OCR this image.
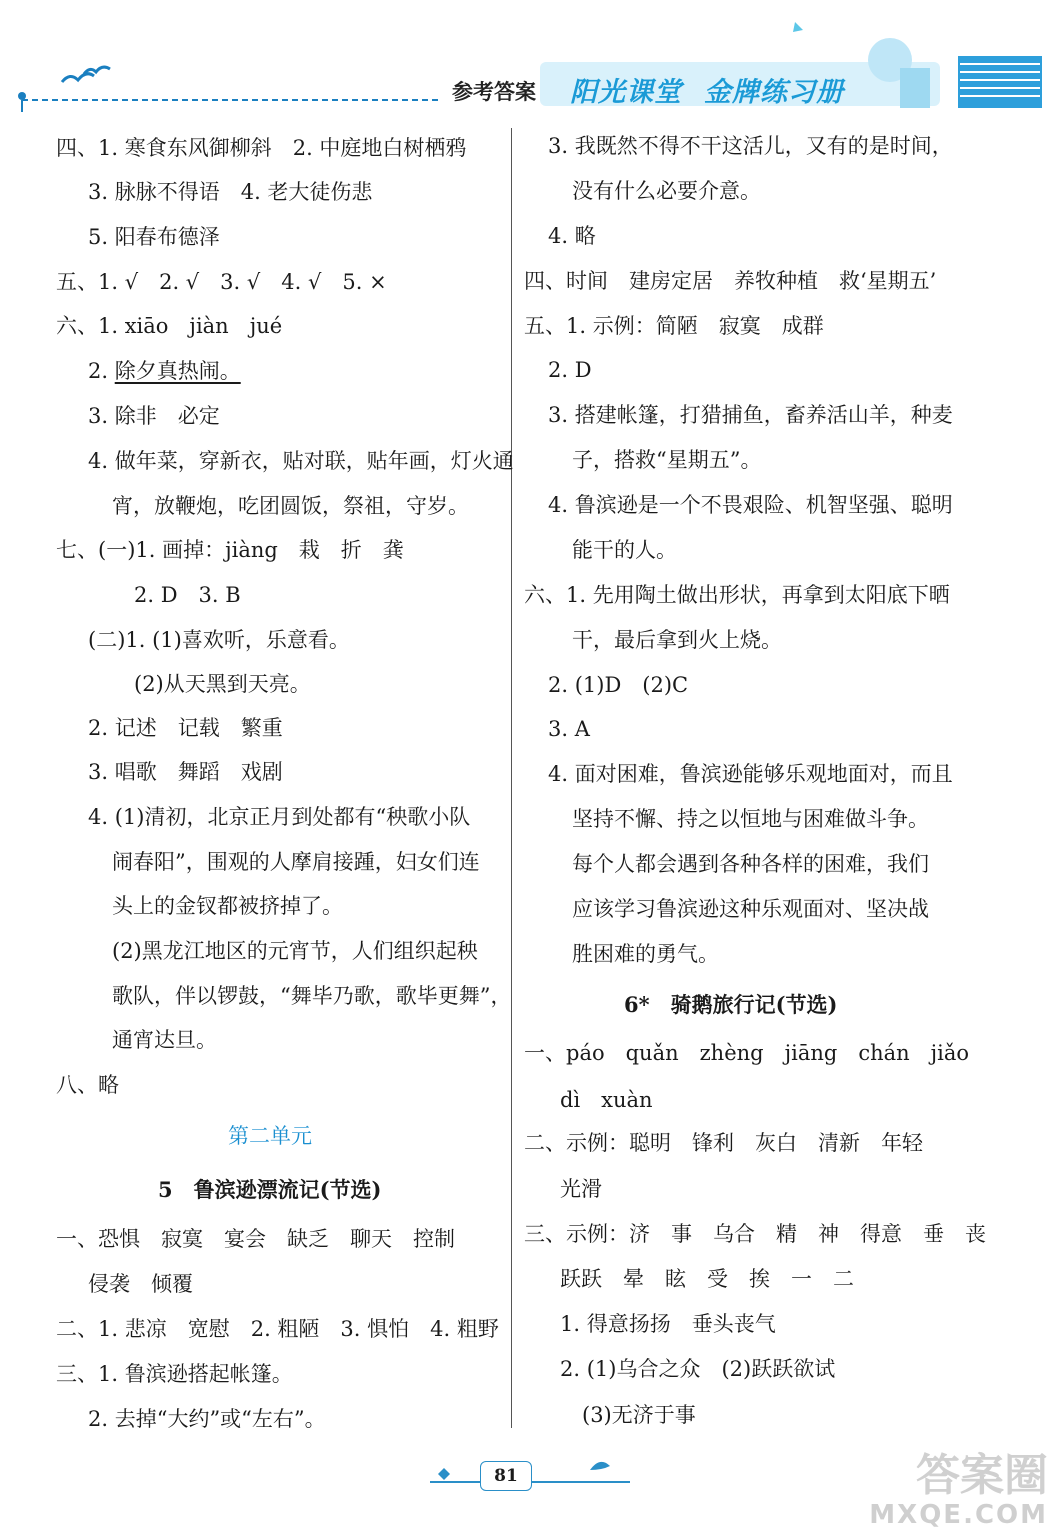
参考答案 阳光课堂 金牌练习册
四、1. 寒食东风御柳斜　2. 中庭地白树栖鸦
3. 脉脉不得语　4. 老大徒伤悲
5. 阳春布德泽
五、1. √　2. √　3. √　4. √　5. ×
六、1. xiāo　jiàn　jué
2. 除夕真热闹。
3. 除非　必定
4. 做年菜，穿新衣，贴对联，贴年画，灯火通
宵，放鞭炮，吃团圆饭，祭祖，守岁。
七、(一)1. 画掉：jiàng　栽　折　龚
2. D　3. B
(二)1. (1)喜欢听，乐意看。
(2)从天黑到天亮。
2. 记述　记载　繁重
3. 唱歌　舞蹈　戏剧
4. (1)清初，北京正月到处都有“秧歌小队
闹春阳”，围观的人摩肩接踵，妇女们连
头上的金钗都被挤掉了。
(2)黑龙江地区的元宵节，人们组织起秧
歌队，伴以锣鼓，“舞毕乃歌，歌毕更舞”，
通宵达旦。
八、略
第二单元
5　鲁滨逊漂流记(节选)
一、恐惧　寂寞　宴会　缺乏　聊天　控制
侵袭　倾覆
二、1. 悲凉　宽慰　2. 粗陋　3. 惧怕　4. 粗野
三、1. 鲁滨逊搭起帐篷。
2. 去掉“大约”或“左右”。
3. 我既然不得不干这活儿，又有的是时间，
没有什么必要介意。
4. 略
四、时间　建房定居　养牧种植　救‘星期五’
五、1. 示例：简陋　寂寞　成群
2. D
3. 搭建帐篷，打猎捕鱼，畜养活山羊，种麦
子，搭救“星期五”。
4. 鲁滨逊是一个不畏艰险、机智坚强、聪明
能干的人。
六、1. 先用陶土做出形状，再拿到太阳底下晒
干，最后拿到火上烧。
2. (1)D　(2)C
3. A
4. 面对困难，鲁滨逊能够乐观地面对，而且
坚持不懈、持之以恒地与困难做斗争。
每个人都会遇到各种各样的困难，我们
应该学习鲁滨逊这种乐观面对、坚决战
胜困难的勇气。
6*　骑鹅旅行记(节选)
一、páo　quǎn　zhèng　jiāng　chán　jiǎo
dì　xuàn
二、示例：聪明　锋利　灰白　清新　年轻
光滑
三、示例：济　事　乌合　精　神　得意　垂　丧
跃跃　晕　眩　受　挨　一　二
1. 得意扬扬　垂头丧气
2. (1)乌合之众　(2)跃跃欲试
(3)无济于事
81	答案圈
MXQE.COM
